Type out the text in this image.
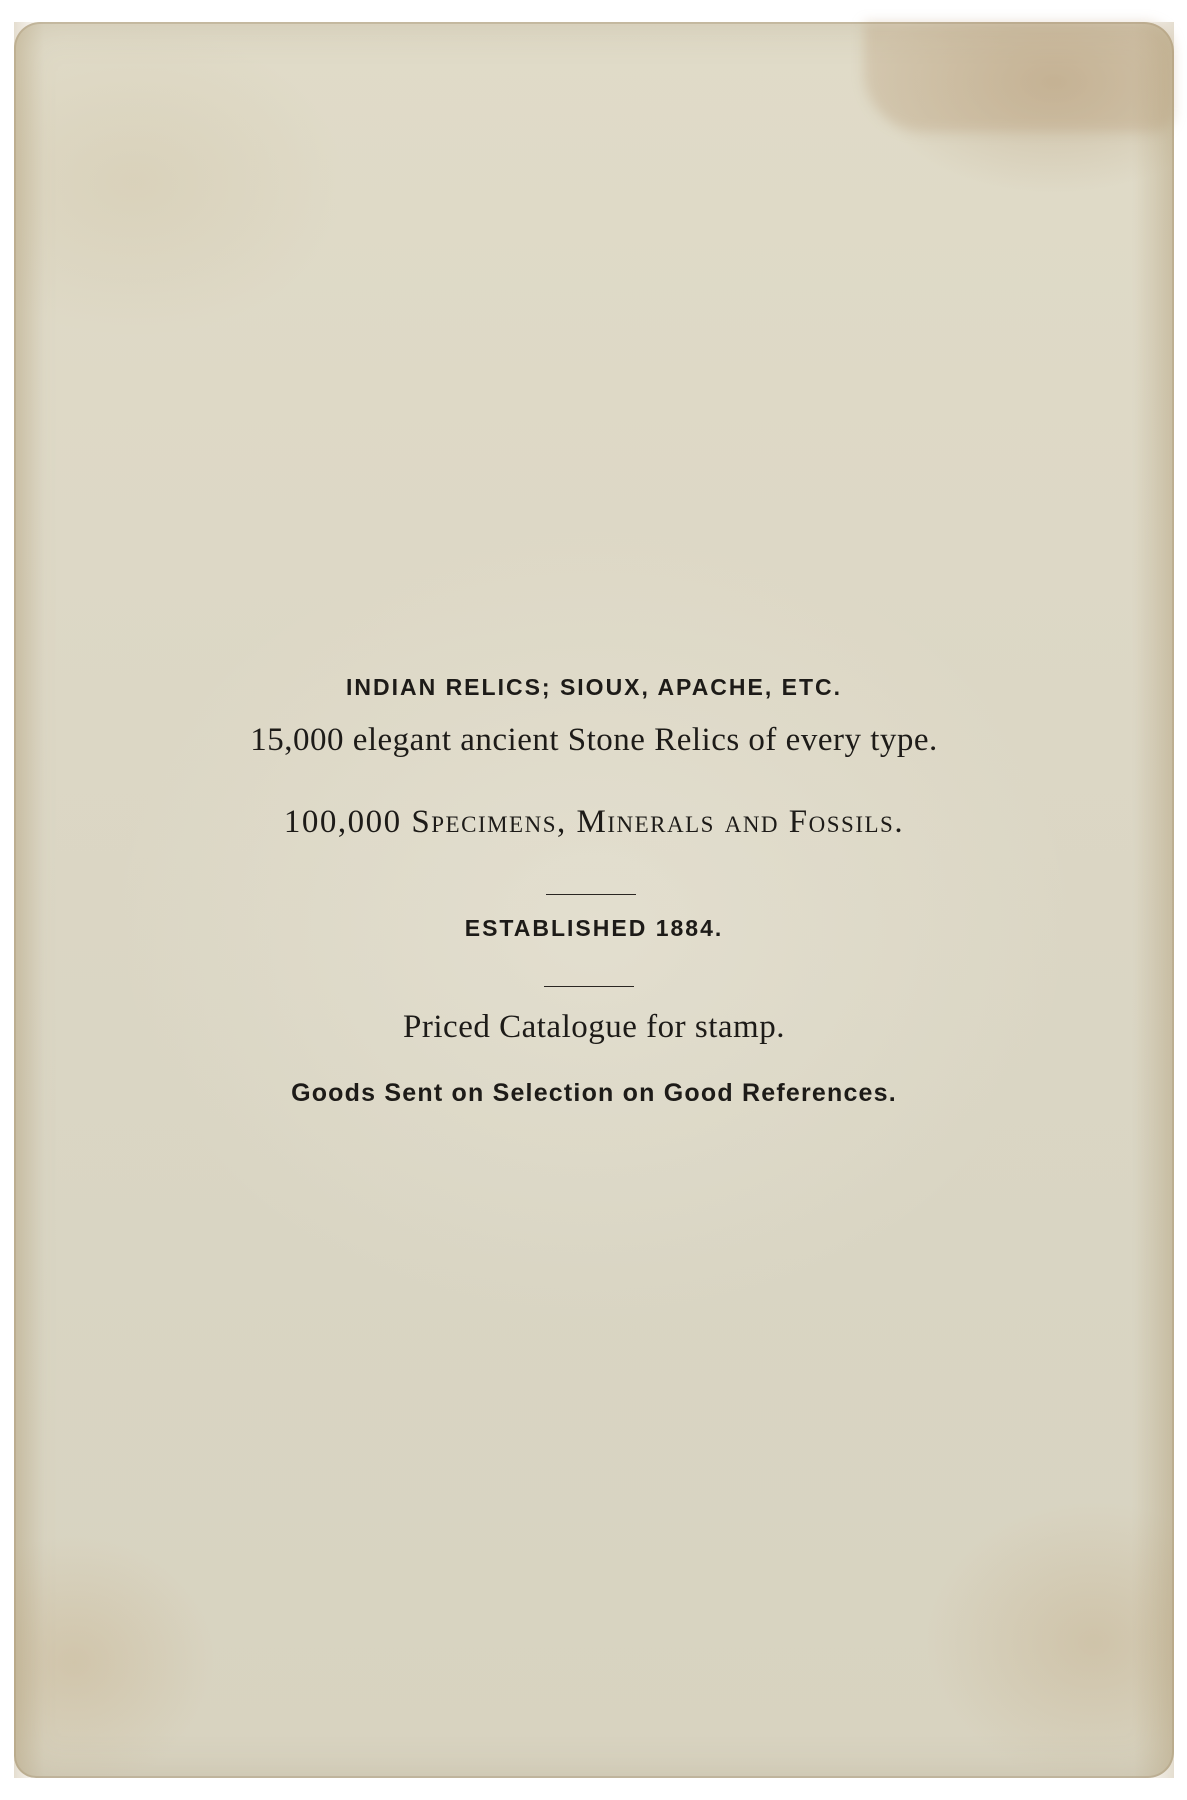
INDIAN RELICS; SIOUX, APACHE, ETC.
15,000 elegant ancient Stone Relics of every type.
100,000 Specimens, Minerals and Fossils.
ESTABLISHED 1884.
Priced Catalogue for stamp.
Goods Sent on Selection on Good References.
